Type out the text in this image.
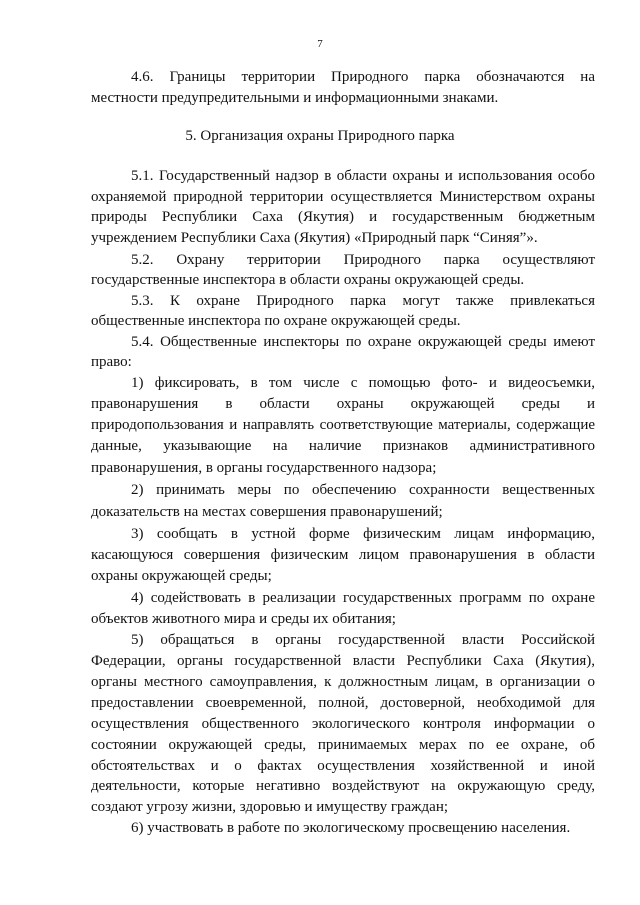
7
4.6. Границы территории Природного парка обозначаются на
местности предупредительными и информационными знаками.
5. Организация охраны Природного парка
5.1. Государственный надзор в области охраны и использования особо
охраняемой природной территории осуществляется Министерством охраны
природы Республики Саха (Якутия) и государственным бюджетным
учреждением Республики Саха (Якутия) «Природный парк “Синяя”».
5.2. Охрану территории Природного парка осуществляют
государственные инспектора в области охраны окружающей среды.
5.3. К охране Природного парка могут также привлекаться
общественные инспектора по охране окружающей среды.
5.4. Общественные инспекторы по охране окружающей среды имеют
право:
1) фиксировать, в том числе с помощью фото- и видеосъемки,
правонарушения в области охраны окружающей среды и
природопользования и направлять соответствующие материалы, содержащие
данные, указывающие на наличие признаков административного
правонарушения, в органы государственного надзора;
2) принимать меры по обеспечению сохранности вещественных
доказательств на местах совершения правонарушений;
3) сообщать в устной форме физическим лицам информацию,
касающуюся совершения физическим лицом правонарушения в области
охраны окружающей среды;
4) содействовать в реализации государственных программ по охране
объектов животного мира и среды их обитания;
5) обращаться в органы государственной власти Российской
Федерации, органы государственной власти Республики Саха (Якутия),
органы местного самоуправления, к должностным лицам, в организации о
предоставлении своевременной, полной, достоверной, необходимой для
осуществления общественного экологического контроля информации о
состоянии окружающей среды, принимаемых мерах по ее охране, об
обстоятельствах и о фактах осуществления хозяйственной и иной
деятельности, которые негативно воздействуют на окружающую среду,
создают угрозу жизни, здоровью и имуществу граждан;
6) участвовать в работе по экологическому просвещению населения.
